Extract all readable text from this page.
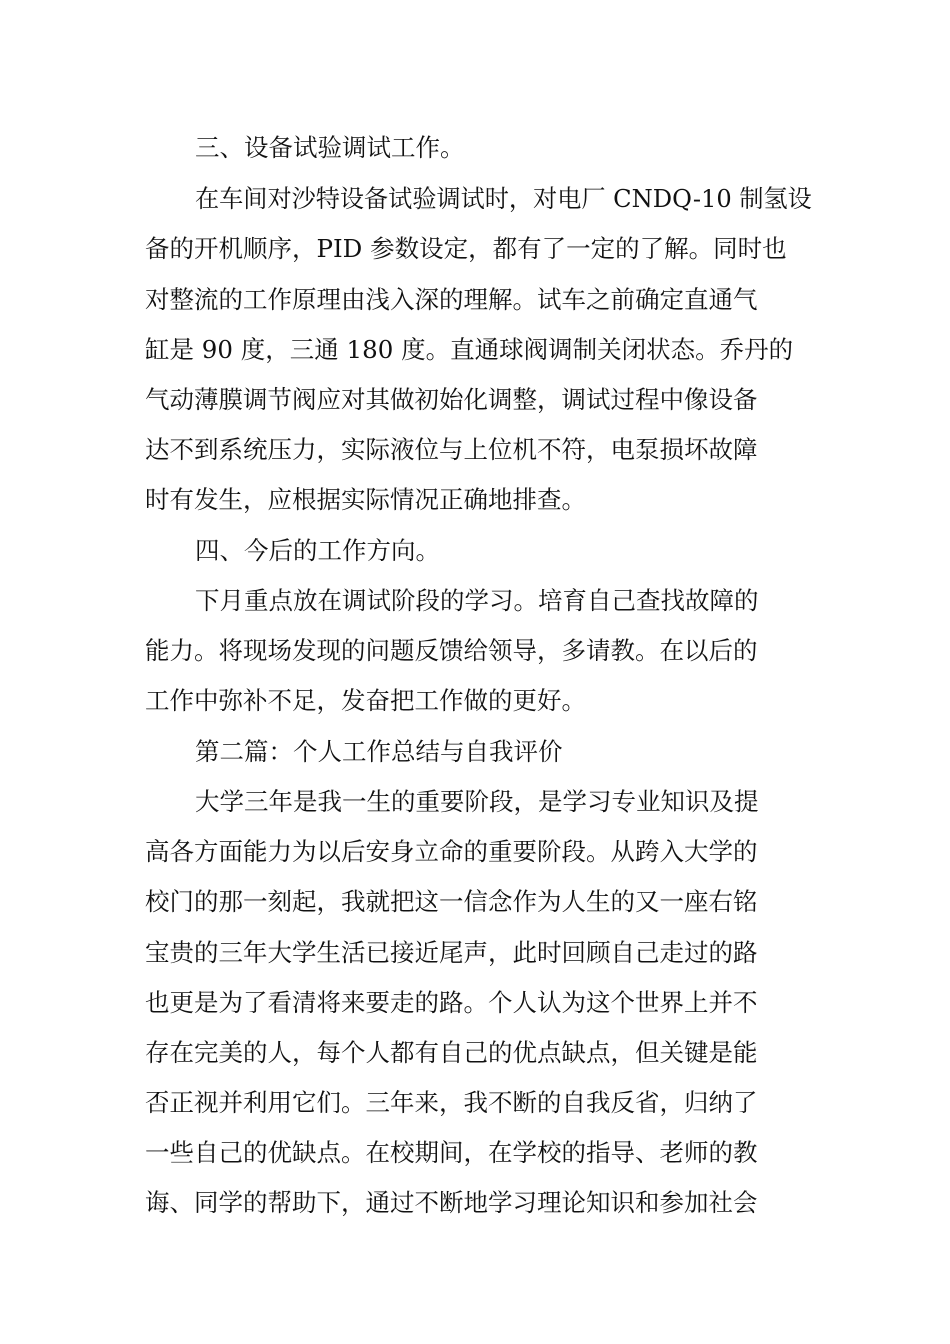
三、设备试验调试工作。

在车间对沙特设备试验调试时，对电厂 CNDQ-10 制氢设

备的开机顺序，PID 参数设定，都有了一定的了解。同时也

对整流的工作原理由浅入深的理解。试车之前确定直通气

缸是 90 度，三通 180 度。直通球阀调制关闭状态。乔丹的

气动薄膜调节阀应对其做初始化调整，调试过程中像设备

达不到系统压力，实际液位与上位机不符，电泵损坏故障

时有发生，应根据实际情况正确地排查。

四、今后的工作方向。

下月重点放在调试阶段的学习。培育自己查找故障的

能力。将现场发现的问题反馈给领导，多请教。在以后的

工作中弥补不足，发奋把工作做的更好。

第二篇：个人工作总结与自我评价

大学三年是我一生的重要阶段，是学习专业知识及提

高各方面能力为以后安身立命的重要阶段。从跨入大学的

校门的那一刻起，我就把这一信念作为人生的又一座右铭

宝贵的三年大学生活已接近尾声，此时回顾自己走过的路

也更是为了看清将来要走的路。个人认为这个世界上并不

存在完美的人，每个人都有自己的优点缺点，但关键是能

否正视并利用它们。三年来，我不断的自我反省，归纳了

一些自己的优缺点。在校期间，在学校的指导、老师的教

诲、同学的帮助下，通过不断地学习理论知识和参加社会
